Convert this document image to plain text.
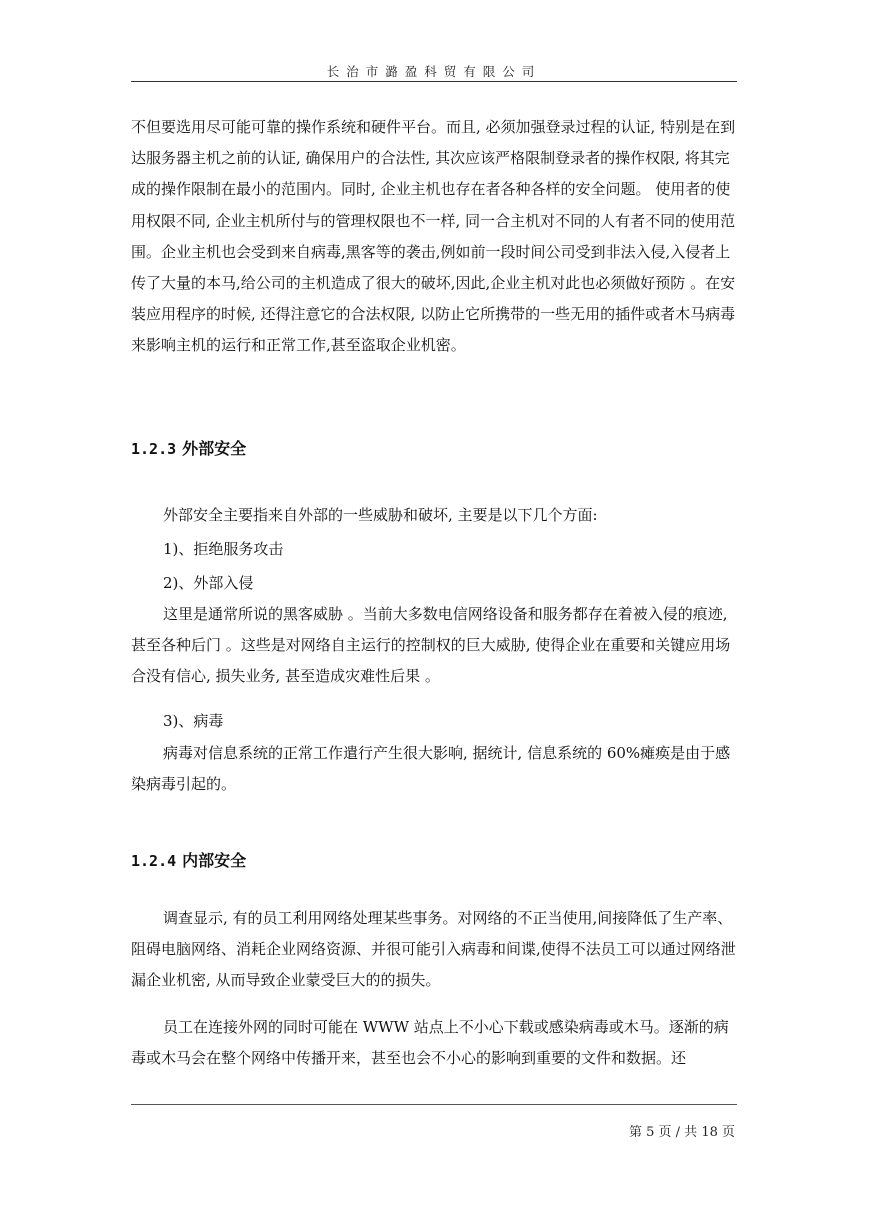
长治市潞盈科贸有限公司

不但要选用尽可能可靠的操作系统和硬件平台。而且, 必须加强登录过程的认证, 特别是在到达服务器主机之前的认证, 确保用户的合法性, 其次应该严格限制登录者的操作权限, 将其完成的操作限制在最小的范围内。同时, 企业主机也存在者各种各样的安全问题。 使用者的使用权限不同, 企业主机所付与的管理权限也不一样, 同一合主机对不同的人有者不同的使用范围。企业主机也会受到来自病毒,黑客等的袭击,例如前一段时间公司受到非法入侵,入侵者上传了大量的本马,给公司的主机造成了很大的破坏,因此,企业主机对此也必须做好预防 。在安装应用程序的时候, 还得注意它的合法权限, 以防止它所携带的一些无用的插件或者木马病毒来影响主机的运行和正常工作,甚至盗取企业机密。

1.2.3 外部安全

外部安全主要指来自外部的一些威胁和破坏, 主要是以下几个方面:

1)、拒绝服务攻击

2)、外部入侵

这里是通常所说的黑客威胁 。当前大多数电信网络设备和服务都存在着被入侵的痕迹, 甚至各种后门 。这些是对网络自主运行的控制权的巨大威胁, 使得企业在重要和关键应用场合没有信心, 损失业务, 甚至造成灾难性后果 。

3)、病毒

病毒对信息系统的正常工作遣行产生很大影响, 据统计, 信息系统的 60%瘫痪是由于感染病毒引起的。

1.2.4 内部安全

调查显示, 有的员工利用网络处理某些事务。对网络的不正当使用,间接降低了生产率、阻碍电脑网络、消耗企业网络资源、并很可能引入病毒和间谍,使得不法员工可以通过网络泄漏企业机密, 从而导致企业蒙受巨大的的损失。

员工在连接外网的同时可能在 WWW 站点上不小心下载或感染病毒或木马。逐渐的病毒或木马会在整个网络中传播开来，甚至也会不小心的影响到重要的文件和数据。还

第 5 页 / 共 18 页
